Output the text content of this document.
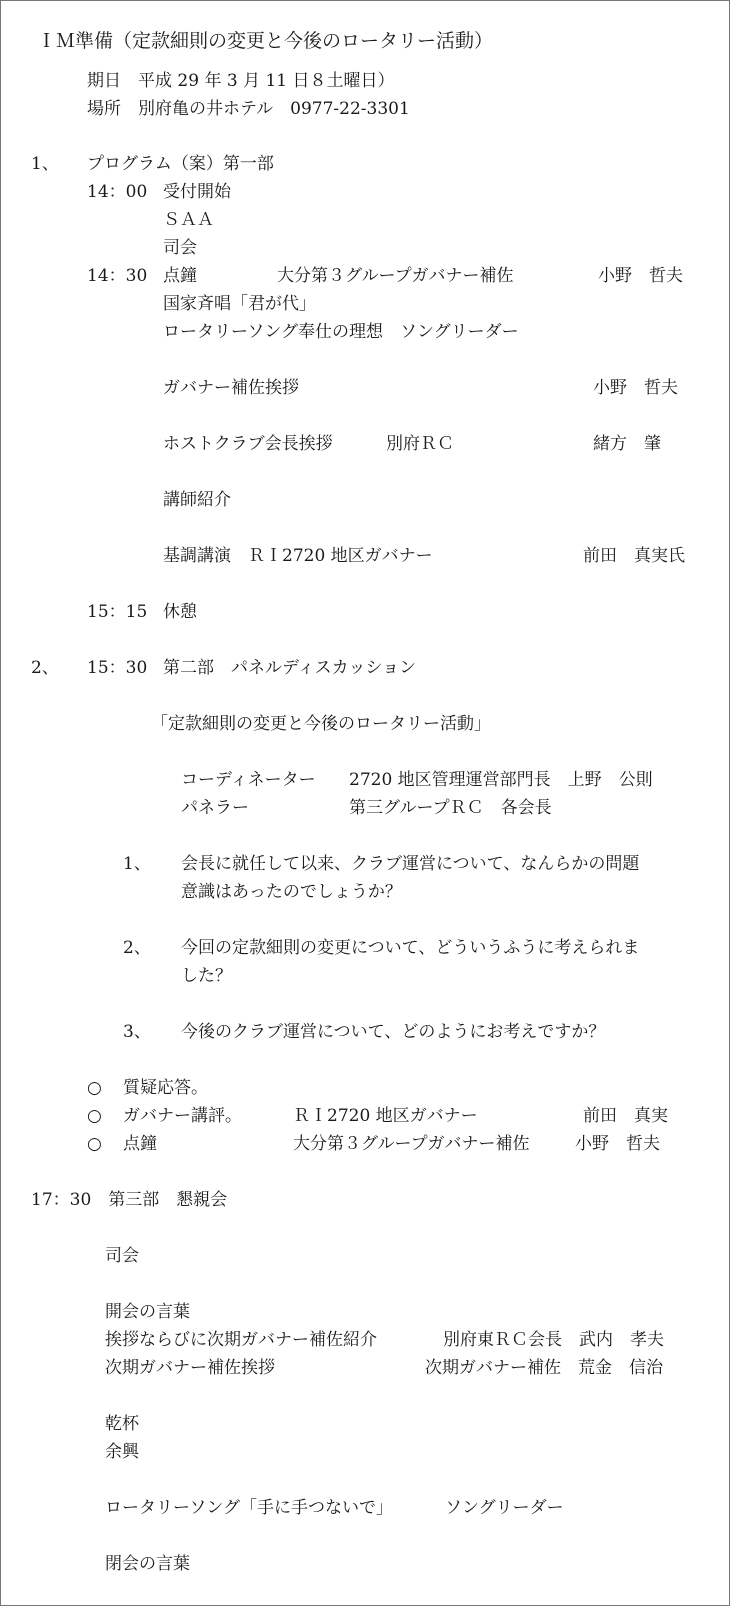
ＩＭ準備（定款細則の変更と今後のロータリー活動）
期日　平成 29 年 3 月 11 日８土曜日）
場所　別府亀の井ホテル　0977-22-3301
1、 プログラム（案）第一部
14：00 受付開始
ＳＡＡ
司会
14：30 点鐘	大分第３グループガバナー補佐	小野　哲夫
国家斉唱「君が代」
ロータリーソング奉仕の理想　ソングリーダー
ガバナー補佐挨拶	小野　哲夫
ホストクラブ会長挨拶	別府ＲＣ	緒方　肇
講師紹介
基調講演　ＲＩ2720 地区ガバナー	前田　真実氏
15：15 休憩
2、 15：30 第二部　パネルディスカッション
「定款細則の変更と今後のロータリー活動」
コーディネーター 2720 地区管理運営部門長　上野　公則
パネラー	第三グループＲＣ　各会長
1、 会長に就任して以来、クラブ運営について、なんらかの問題
意識はあったのでしょうか？
2、 今回の定款細則の変更について、どういうふうに考えられま
した？
3、 今後のクラブ運営について、どのようにお考えですか？
○ 質疑応答。
○ ガバナー講評。	ＲＩ2720 地区ガバナー	前田　真実
○ 点鐘	大分第３グループガバナー補佐	小野　哲夫
17：30　第三部　懇親会
司会
開会の言葉
挨拶ならびに次期ガバナー補佐紹介	別府東ＲＣ会長　武内　孝夫
次期ガバナー補佐挨拶	次期ガバナー補佐　荒金　信治
乾杯
余興
ロータリーソング「手に手つないで」	ソングリーダー
閉会の言葉
